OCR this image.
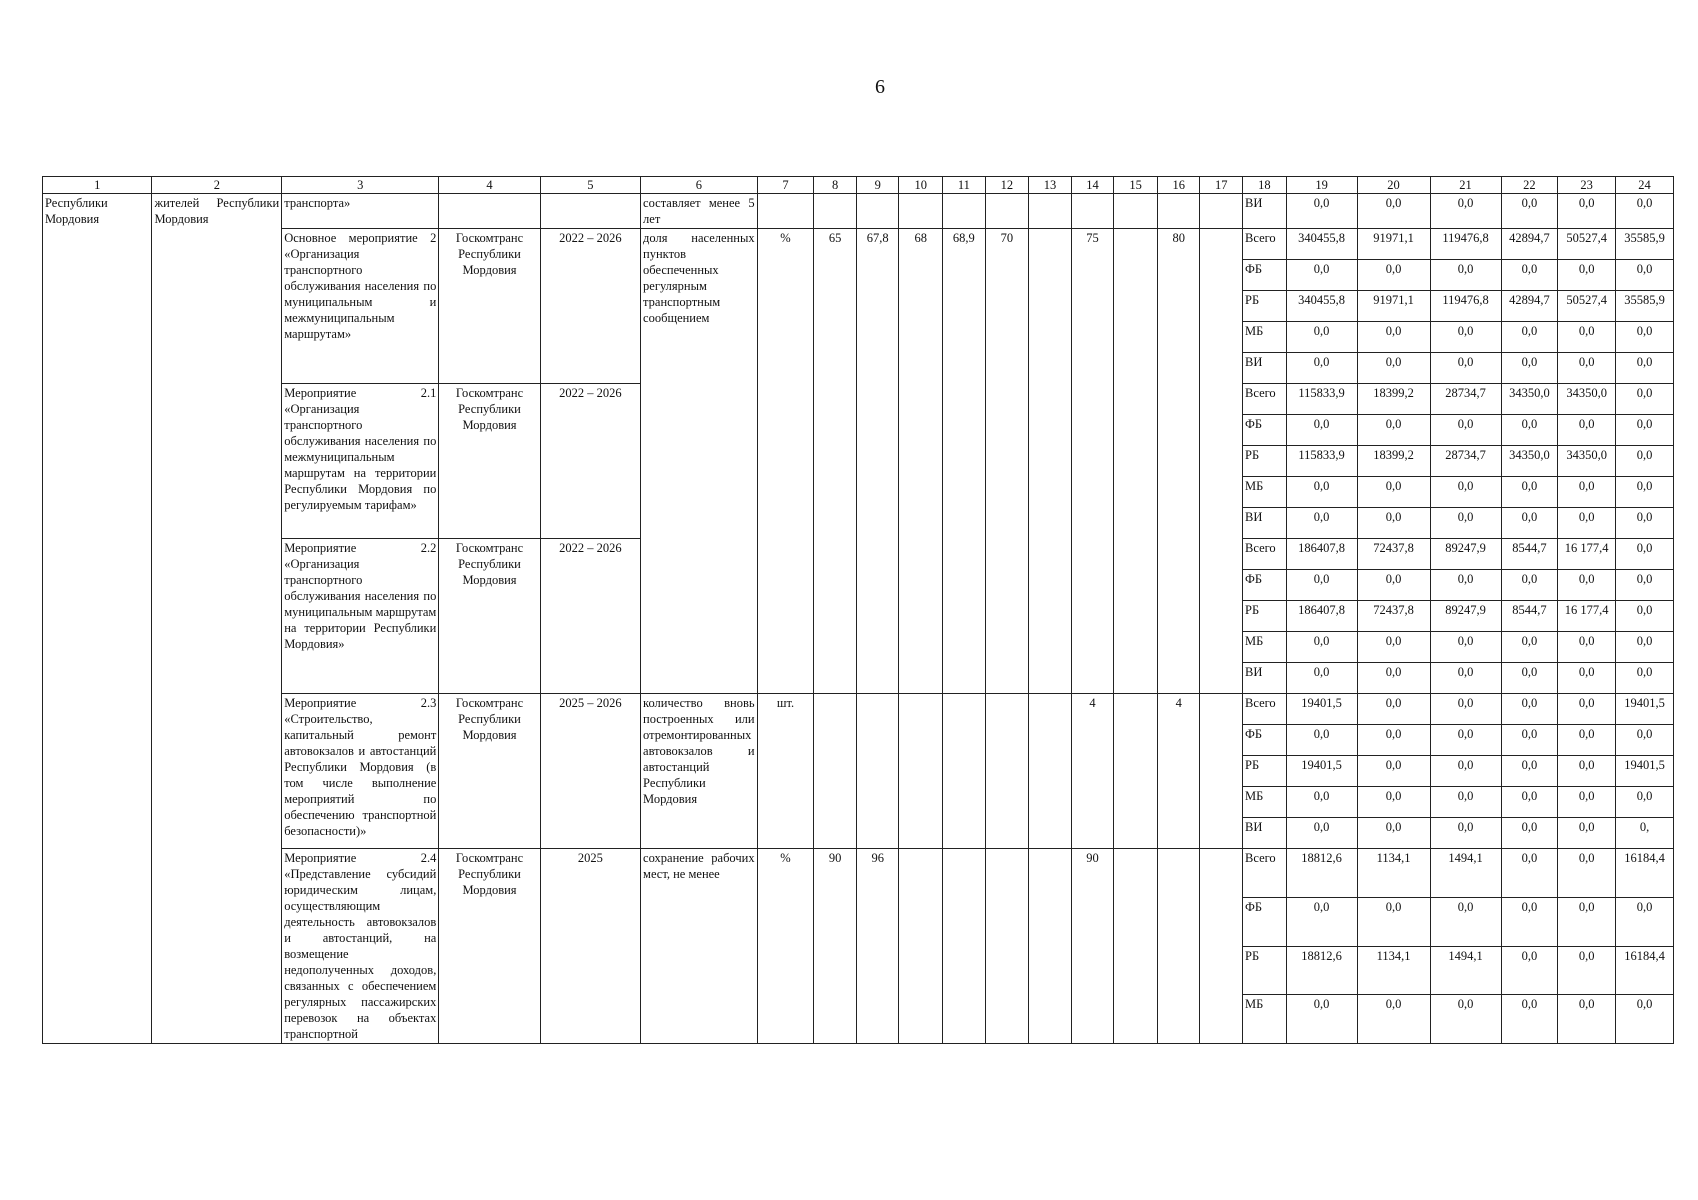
6
1	2	3	4	5	6	7	8	9	10	11	12	13	14	15	16	17	18	19	20	21	22	23	24
Республики Мордовия	жителей Республики Мордовия	транспорта»			составляет менее 5 лет												ВИ	0,0	0,0	0,0	0,0	0,0	0,0
		Основное мероприятие 2 «Организация транспортного обслуживания населения по муниципальным и межмуниципальным маршрутам»	Госкомтранс Республики Мордовия	2022 – 2026	доля населенных пунктов обеспеченных регулярным транспортным сообщением	%	65	67,8	68	68,9	70		75		80		Всего	340455,8	91971,1	119476,8	42894,7	50527,4	35585,9
																	ФБ	0,0	0,0	0,0	0,0	0,0	0,0
																	РБ	340455,8	91971,1	119476,8	42894,7	50527,4	35585,9
																	МБ	0,0	0,0	0,0	0,0	0,0	0,0
																	ВИ	0,0	0,0	0,0	0,0	0,0	0,0
		Мероприятие 2.1 «Организация транспортного обслуживания населения по межмуниципальным маршрутам на территории Республики Мордовия по регулируемым тарифам»	Госкомтранс Республики Мордовия	2022 – 2026													Всего	115833,9	18399,2	28734,7	34350,0	34350,0	0,0
																	ФБ	0,0	0,0	0,0	0,0	0,0	0,0
																	РБ	115833,9	18399,2	28734,7	34350,0	34350,0	0,0
																	МБ	0,0	0,0	0,0	0,0	0,0	0,0
																	ВИ	0,0	0,0	0,0	0,0	0,0	0,0
		Мероприятие 2.2 «Организация транспортного обслуживания населения по муниципальным маршрутам на территории Республики Мордовия»	Госкомтранс Республики Мордовия	2022 – 2026													Всего	186407,8	72437,8	89247,9	8544,7	16 177,4	0,0
																	ФБ	0,0	0,0	0,0	0,0	0,0	0,0
																	РБ	186407,8	72437,8	89247,9	8544,7	16 177,4	0,0
																	МБ	0,0	0,0	0,0	0,0	0,0	0,0
																	ВИ	0,0	0,0	0,0	0,0	0,0	0,0
		Мероприятие 2.3 «Строительство, капитальный ремонт автовокзалов и автостанций Республики Мордовия (в том числе выполнение мероприятий по обеспечению транспортной безопасности)»	Госкомтранс Республики Мордовия	2025 – 2026	количество вновь построенных или отремонтированных автовокзалов и автостанций Республики Мордовия	шт.							4		4		Всего	19401,5	0,0	0,0	0,0	0,0	19401,5
																	ФБ	0,0	0,0	0,0	0,0	0,0	0,0
																	РБ	19401,5	0,0	0,0	0,0	0,0	19401,5
																	МБ	0,0	0,0	0,0	0,0	0,0	0,0
																	ВИ	0,0	0,0	0,0	0,0	0,0	0,
		Мероприятие 2.4 «Представление субсидий юридическим лицам, осуществляющим деятельность автовокзалов и автостанций, на возмещение недополученных доходов, связанных с обеспечением регулярных пассажирских перевозок на объектах транспортной	Госкомтранс Республики Мордовия	2025	сохранение рабочих мест, не менее	%	90	96					90				Всего	18812,6	1134,1	1494,1	0,0	0,0	16184,4
																	ФБ	0,0	0,0	0,0	0,0	0,0	0,0
																	РБ	18812,6	1134,1	1494,1	0,0	0,0	16184,4
																	МБ	0,0	0,0	0,0	0,0	0,0	0,0
